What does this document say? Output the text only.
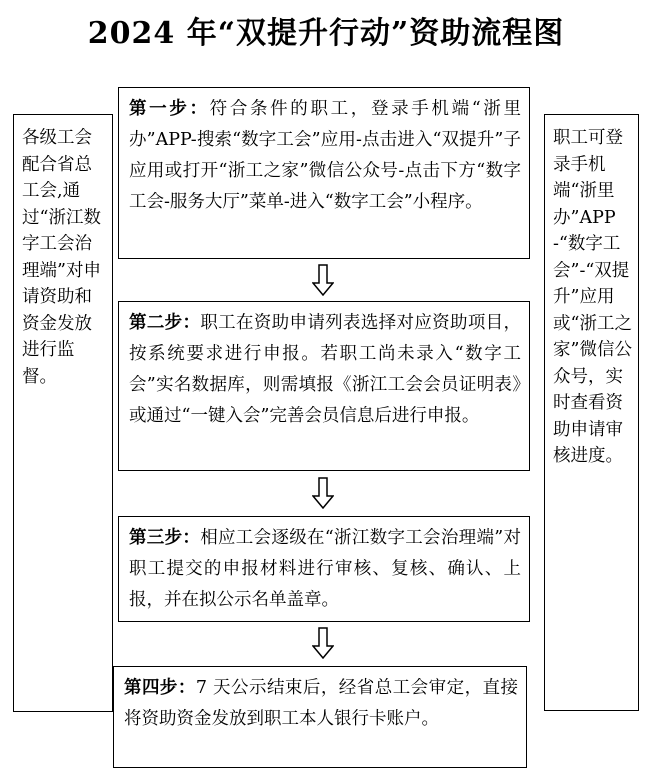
2024 年“双提升行动”资助流程图
各级工会配合省总工会,通过“浙江数字工会治理端”对申请资助和资金发放进行监督。
职工可登录手机端“浙里办”APP-“数字工会”-“双提升”应用或“浙工之家”微信公众号，实时查看资助申请审核进度。
第一步：符合条件的职工，登录手机端“浙里办”APP-搜索“数字工会”应用-点击进入“双提升”子应用或打开“浙工之家”微信公众号-点击下方“数字工会-服务大厅”菜单-进入“数字工会”小程序。
第二步：职工在资助申请列表选择对应资助项目，按系统要求进行申报。若职工尚未录入“数字工会”实名数据库，则需填报《浙江工会会员证明表》或通过“一键入会”完善会员信息后进行申报。
第三步：相应工会逐级在“浙江数字工会治理端”对职工提交的申报材料进行审核、复核、确认、上报，并在拟公示名单盖章。
第四步：7 天公示结束后，经省总工会审定，直接将资助资金发放到职工本人银行卡账户。
